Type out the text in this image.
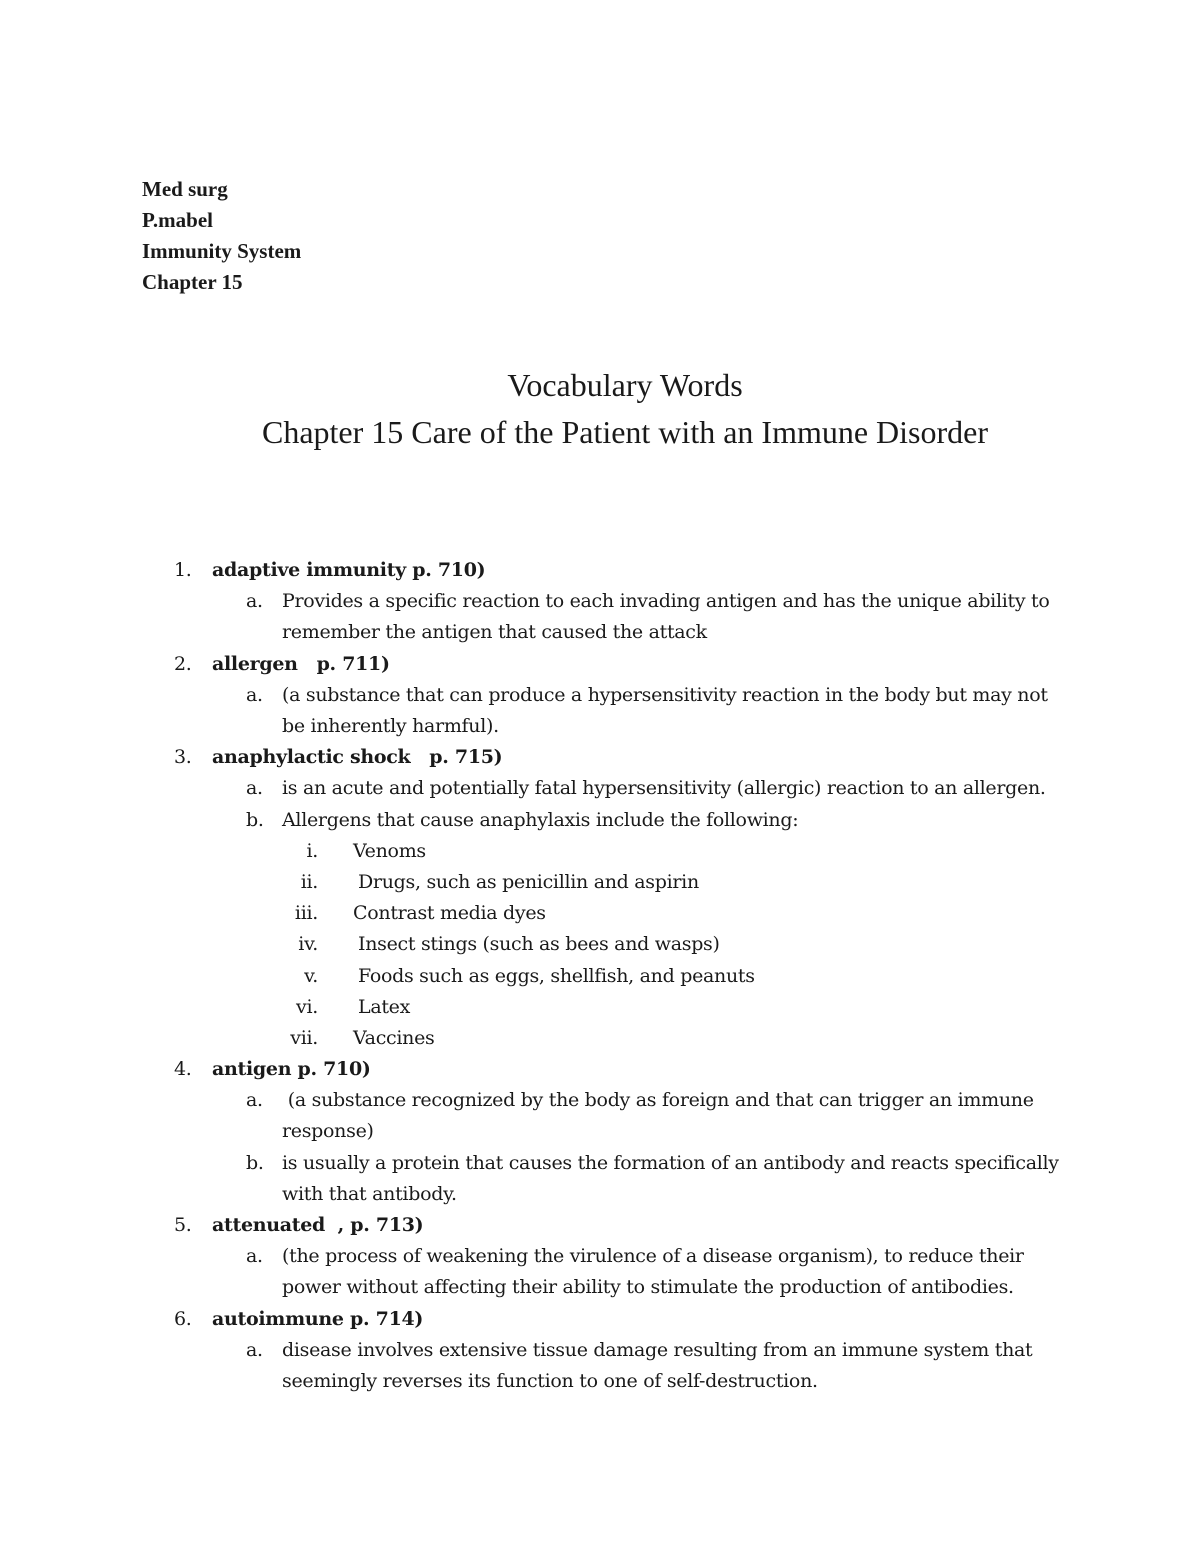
Med surg
P.mabel
Immunity System
Chapter 15
Vocabulary Words
Chapter 15 Care of the Patient with an Immune Disorder
1. adaptive immunity p. 710)
a. Provides a specific reaction to each invading antigen and has the unique ability to remember the antigen that caused the attack
2. allergen   p. 711)
a. (a substance that can produce a hypersensitivity reaction in the body but may not be inherently harmful).
3. anaphylactic shock   p. 715)
a. is an acute and potentially fatal hypersensitivity (allergic) reaction to an allergen.
b. Allergens that cause anaphylaxis include the following:
i. Venoms
ii. Drugs, such as penicillin and aspirin
iii. Contrast media dyes
iv. Insect stings (such as bees and wasps)
v. Foods such as eggs, shellfish, and peanuts
vi. Latex
vii. Vaccines
4. antigen p. 710)
a. (a substance recognized by the body as foreign and that can trigger an immune response)
b. is usually a protein that causes the formation of an antibody and reacts specifically with that antibody.
5. attenuated  , p. 713)
a. (the process of weakening the virulence of a disease organism), to reduce their power without affecting their ability to stimulate the production of antibodies.
6. autoimmune p. 714)
a. disease involves extensive tissue damage resulting from an immune system that seemingly reverses its function to one of self-destruction.
